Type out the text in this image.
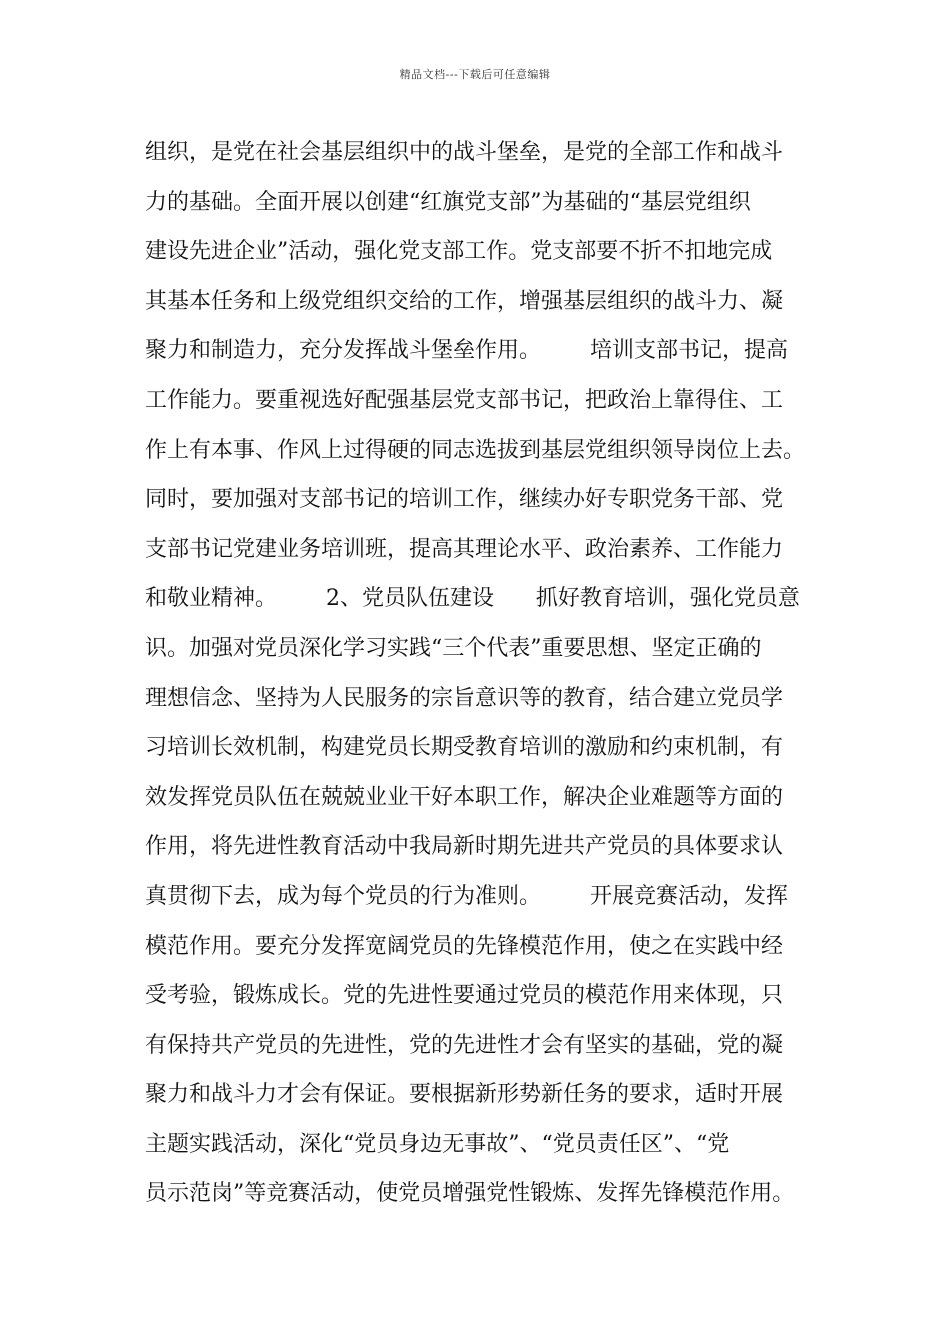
精品文档---下载后可任意编辑
组织，是党在社会基层组织中的战斗堡垒，是党的全部工作和战斗
力的基础。全面开展以创建“红旗党支部”为基础的“基层党组织
建设先进企业”活动，强化党支部工作。党支部要不折不扣地完成
其基本任务和上级党组织交给的工作，增强基层组织的战斗力、凝
聚力和制造力，充分发挥战斗堡垒作用。       培训支部书记，提高
工作能力。要重视选好配强基层党支部书记，把政治上靠得住、工
作上有本事、作风上过得硬的同志选拔到基层党组织领导岗位上去。
同时，要加强对支部书记的培训工作，继续办好专职党务干部、党
支部书记党建业务培训班，提高其理论水平、政治素养、工作能力
和敬业精神。       2、党员队伍建设      抓好教育培训，强化党员意
识。加强对党员深化学习实践“三个代表”重要思想、坚定正确的
理想信念、坚持为人民服务的宗旨意识等的教育，结合建立党员学
习培训长效机制，构建党员长期受教育培训的激励和约束机制，有
效发挥党员队伍在兢兢业业干好本职工作，解决企业难题等方面的
作用，将先进性教育活动中我局新时期先进共产党员的具体要求认
真贯彻下去，成为每个党员的行为准则。       开展竞赛活动，发挥
模范作用。要充分发挥宽阔党员的先锋模范作用，使之在实践中经
受考验，锻炼成长。党的先进性要通过党员的模范作用来体现，只
有保持共产党员的先进性，党的先进性才会有坚实的基础，党的凝
聚力和战斗力才会有保证。要根据新形势新任务的要求，适时开展
主题实践活动，深化“党员身边无事故”、“党员责任区”、“党
员示范岗”等竞赛活动，使党员增强党性锻炼、发挥先锋模范作用。
